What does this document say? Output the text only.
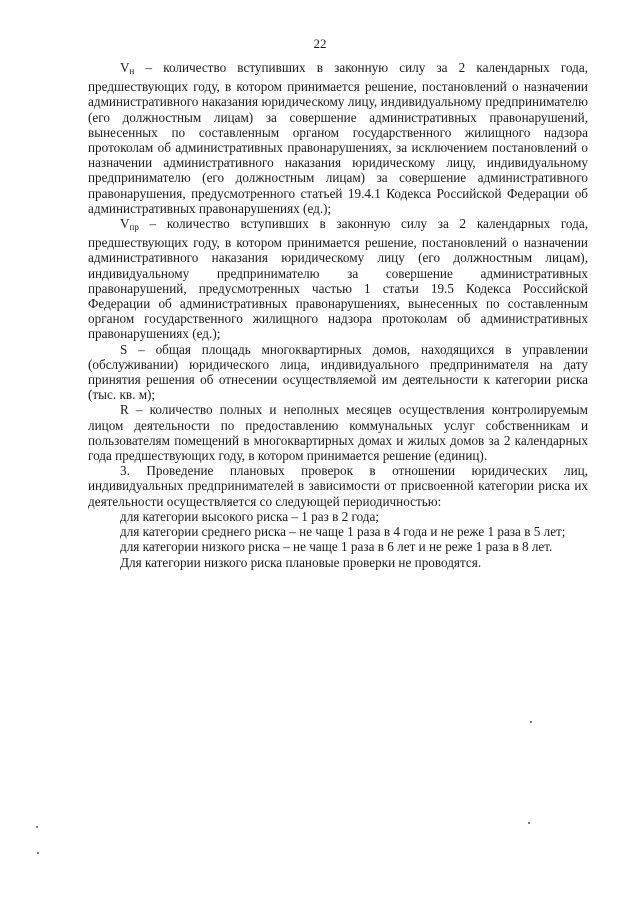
22

$V_н$ – количество вступивших в законную силу за 2 календарных года, предшествующих году, в котором принимается решение, постановлений о назначении административного наказания юридическому лицу, индивидуальному предпринимателю (его должностным лицам) за совершение административных правонарушений, вынесенных по составленным органом государственного жилищного надзора протоколам об административных правонарушениях, за исключением постановлений о назначении административного наказания юридическому лицу, индивидуальному предпринимателю (его должностным лицам) за совершение административного правонарушения, предусмотренного статьей 19.4.1 Кодекса Российской Федерации об административных правонарушениях (ед.);

$V_{пр}$ – количество вступивших в законную силу за 2 календарных года, предшествующих году, в котором принимается решение, постановлений о назначении административного наказания юридическому лицу (его должностным лицам), индивидуальному предпринимателю за совершение административных правонарушений, предусмотренных частью 1 статьи 19.5 Кодекса Российской Федерации об административных правонарушениях, вынесенных по составленным органом государственного жилищного надзора протоколам об административных правонарушениях (ед.);

S – общая площадь многоквартирных домов, находящихся в управлении (обслуживании) юридического лица, индивидуального предпринимателя на дату принятия решения об отнесении осуществляемой им деятельности к категории риска (тыс. кв. м);

R – количество полных и неполных месяцев осуществления контролируемым лицом деятельности по предоставлению коммунальных услуг собственникам и пользователям помещений в многоквартирных домах и жилых домов за 2 календарных года предшествующих году, в котором принимается решение (единиц).

3. Проведение плановых проверок в отношении юридических лиц, индивидуальных предпринимателей в зависимости от присвоенной категории риска их деятельности осуществляется со следующей периодичностью:

для категории высокого риска – 1 раз в 2 года;

для категории среднего риска – не чаще 1 раза в 4 года и не реже 1 раза в 5 лет;

для категории низкого риска – не чаще 1 раза в 6 лет и не реже 1 раза в 8 лет.

Для категории низкого риска плановые проверки не проводятся.
